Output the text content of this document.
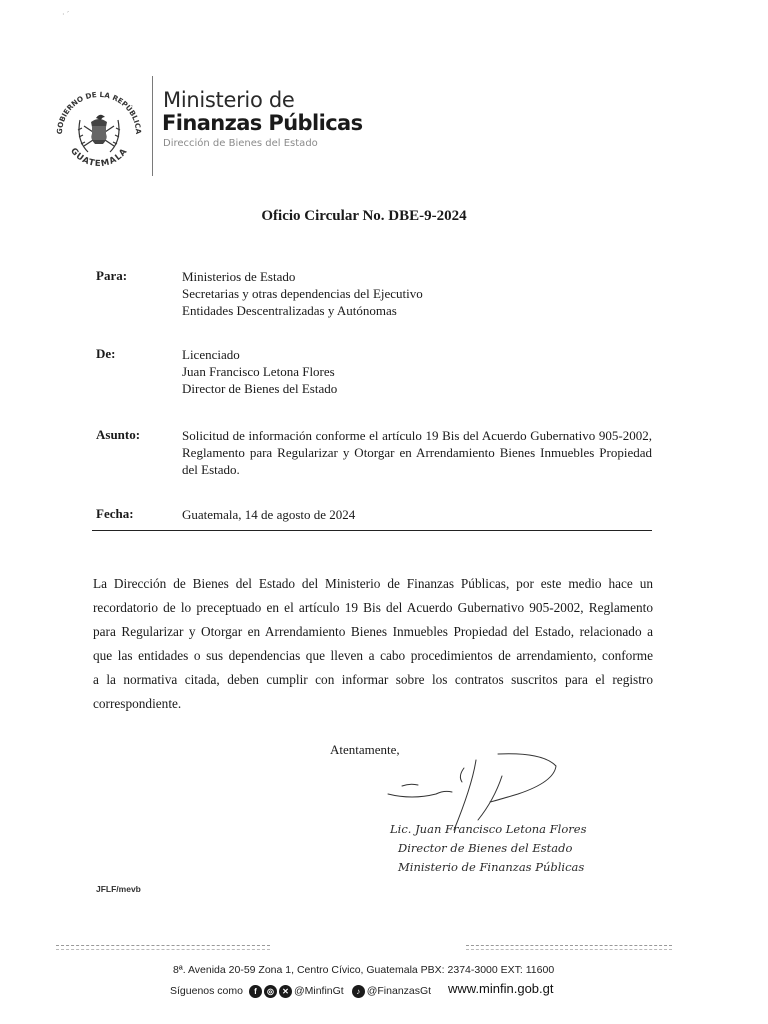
· ˊ
GOBIERNO DE LA REPÚBLICA
GUATEMALA
Ministerio de
Finanzas Públicas
Dirección de Bienes del Estado
Oficio Circular No. DBE-9-2024
Para:	Ministerios de Estado
Secretarias y otras dependencias del Ejecutivo
Entidades Descentralizadas y Autónomas
De:	Licenciado
Juan Francisco Letona Flores
Director de Bienes del Estado
Asunto:	Solicitud de información conforme el artículo 19 Bis del Acuerdo Gubernativo 905-2002, Reglamento para Regularizar y Otorgar en Arrendamiento Bienes Inmuebles Propiedad del Estado.
Fecha:	Guatemala, 14 de agosto de 2024
La Dirección de Bienes del Estado del Ministerio de Finanzas Públicas, por este medio hace un
recordatorio de lo preceptuado en el artículo 19 Bis del Acuerdo Gubernativo 905-2002, Reglamento
para Regularizar y Otorgar en Arrendamiento Bienes Inmuebles Propiedad del Estado, relacionado a
que las entidades o sus dependencias que lleven a cabo procedimientos de arrendamiento, conforme
a la normativa citada, deben cumplir con informar sobre los contratos suscritos para el registro
correspondiente.
Atentamente,
Lic. Juan Francisco Letona Flores
Director de Bienes del Estado
Ministerio de Finanzas Públicas
JFLF/mevb
8ª. Avenida 20-59 Zona 1, Centro Cívico, Guatemala PBX: 2374-3000 EXT: 11600
Síguenos como	f	◎	✕ @MinfinGt	♪ @FinanzasGt www.minfin.gob.gt
